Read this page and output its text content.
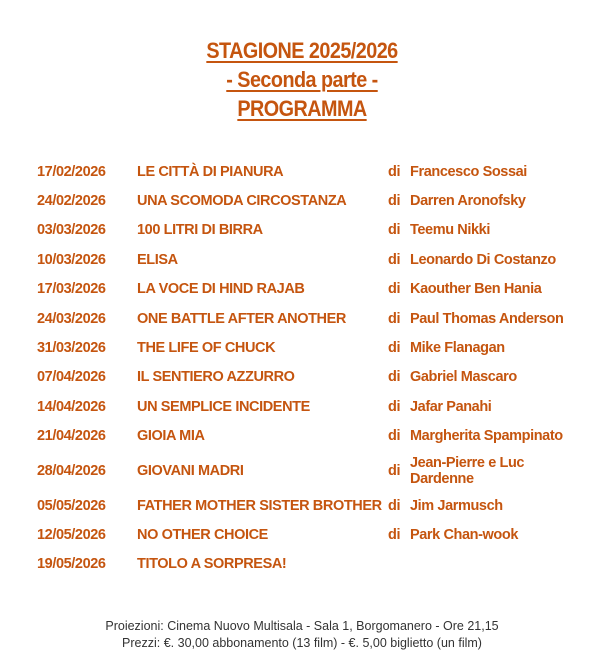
STAGIONE 2025/2026
- Seconda parte -
PROGRAMMA
17/02/2026 LE CITTÀ DI PIANURA	di Francesco Sossai
24/02/2026 UNA SCOMODA CIRCOSTANZA	di Darren Aronofsky
03/03/2026 100 LITRI DI BIRRA	di Teemu Nikki
10/03/2026 ELISA	di Leonardo Di Costanzo
17/03/2026 LA VOCE DI HIND RAJAB	di Kaouther Ben Hania
24/03/2026 ONE BATTLE AFTER ANOTHER	di Paul Thomas Anderson
31/03/2026 THE LIFE OF CHUCK	di Mike Flanagan
07/04/2026 IL SENTIERO AZZURRO	di Gabriel Mascaro
14/04/2026 UN SEMPLICE INCIDENTE	di Jafar Panahi
21/04/2026 GIOIA MIA	di Margherita Spampinato
28/04/2026 GIOVANI MADRI	di Jean-Pierre e Luc Dardenne
05/05/2026 FATHER MOTHER SISTER BROTHER di Jim Jarmusch
12/05/2026 NO OTHER CHOICE	di Park Chan-wook
19/05/2026 TITOLO A SORPRESA!
Proiezioni: Cinema Nuovo Multisala - Sala 1, Borgomanero - Ore 21,15
Prezzi: €. 30,00 abbonamento (13 film) - €. 5,00 biglietto (un film)
